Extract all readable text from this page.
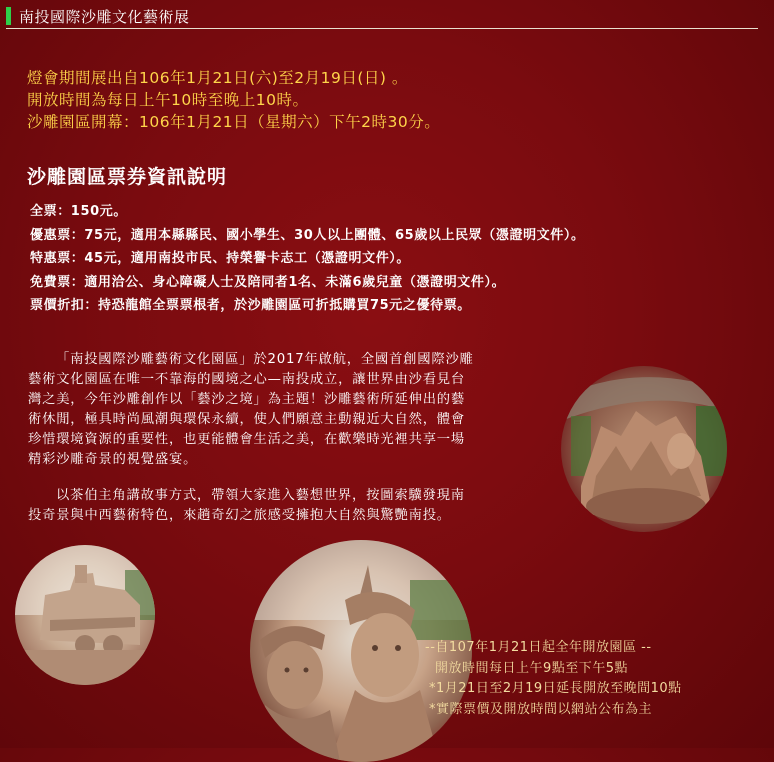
南投國際沙雕文化藝術展
燈會期間展出自106年1月21日(六)至2月19日(日) 。
開放時間為每日上午10時至晚上10時。
沙雕園區開幕：106年1月21日（星期六）下午2時30分。
沙雕園區票券資訊說明
全票：150元。
優惠票：75元，適用本縣縣民、國小學生、30人以上團體、65歲以上民眾（憑證明文件）。
特惠票：45元，適用南投市民、持榮譽卡志工（憑證明文件）。
免費票：適用洽公、身心障礙人士及陪同者1名、未滿6歲兒童（憑證明文件）。
票價折扣：持恐龍館全票票根者，於沙雕園區可折抵購買75元之優待票。
「南投國際沙雕藝術文化園區」於2017年啟航，全國首創國際沙雕
藝術文化園區在唯一不靠海的國境之心—南投成立，讓世界由沙看見台
灣之美，今年沙雕創作以「藝沙之境」為主題！沙雕藝術所延伸出的藝
術休閒，極具時尚風潮與環保永續，使人們願意主動親近大自然，體會
珍惜環境資源的重要性，也更能體會生活之美，在歡樂時光裡共享一場
精彩沙雕奇景的視覺盛宴。
以茶伯主角講故事方式，帶領大家進入藝想世界，按圖索驥發現南
投奇景與中西藝術特色，來趟奇幻之旅感受擁抱大自然與驚艷南投。
--自107年1月21日起全年開放園區 --
開放時間每日上午9點至下午5點
*1月21日至2月19日延長開放至晚間10點
*實際票價及開放時間以網站公布為主
